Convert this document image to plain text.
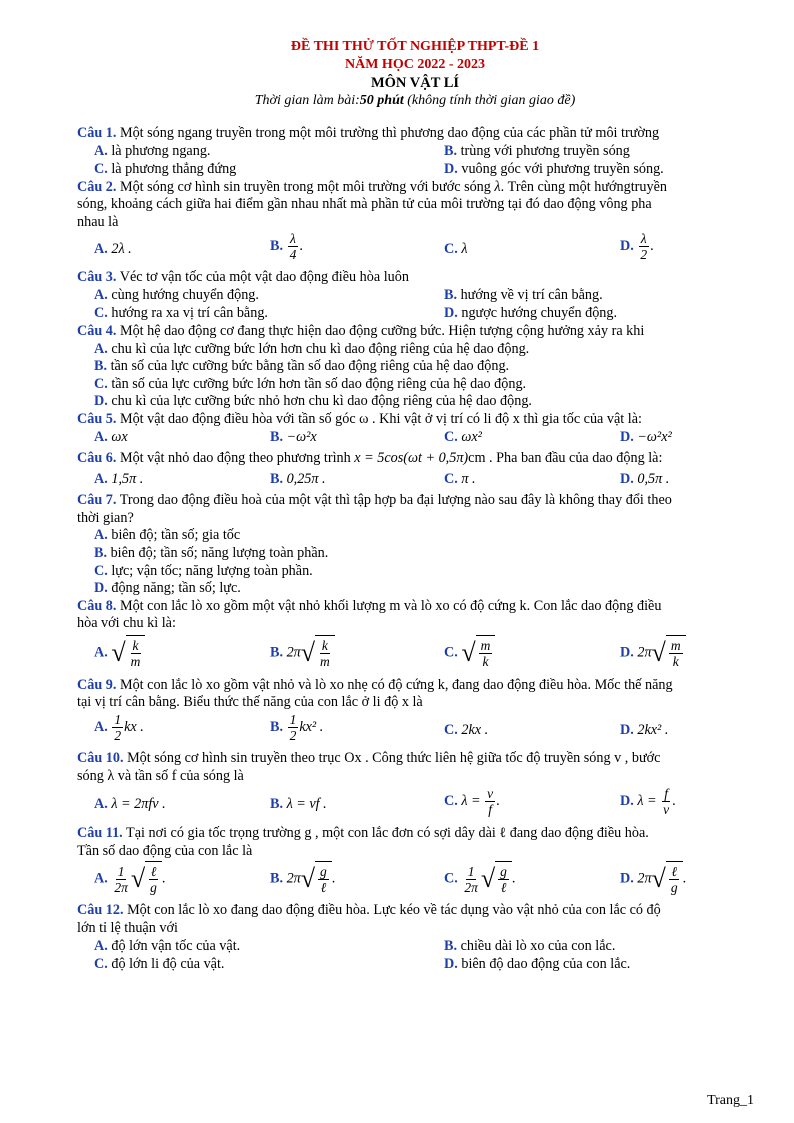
ĐỀ THI THỬ TỐT NGHIỆP THPT-ĐỀ 1
NĂM HỌC 2022 - 2023
MÔN VẬT LÍ
Thời gian làm bài:50 phút (không tính thời gian giao đề)
Câu 1. Một sóng ngang truyền trong một môi trường thì phương dao động của các phần tử môi trường
A. là phương ngang.	B. trùng với phương truyền sóng
C. là phương thẳng đứng	D. vuông góc với phương truyền sóng.
Câu 2. Một sóng cơ hình sin truyền trong một môi trường với bước sóng λ. Trên cùng một hướngtruyền
sóng, khoảng cách giữa hai điểm gần nhau nhất mà phần tử của môi trường tại đó dao động vông pha
nhau là
A. 2λ .	B. $\frac{\lambda}{4}$ .	C. λ	D. $\frac{\lambda}{2}$ .
Câu 3. Véc tơ vận tốc của một vật dao động điều hòa luôn
A. cùng hướng chuyển động.	B. hướng về vị trí cân bằng.
C. hướng ra xa vị trí cân bằng.	D. ngược hướng chuyển động.
Câu 4. Một hệ dao động cơ đang thực hiện dao động cưỡng bức. Hiện tượng cộng hưởng xảy ra khi
A. chu kì của lực cưỡng bức lớn hơn chu kì dao động riêng của hệ dao động.
B. tần số của lực cưỡng bức bằng tần số dao động riêng của hệ dao động.
C. tần số của lực cưỡng bức lớn hơn tần số dao động riêng của hệ dao động.
D. chu kì của lực cưỡng bức nhỏ hơn chu kì dao động riêng của hệ dao động.
Câu 5. Một vật dao động điều hòa với tần số góc ω . Khi vật ở vị trí có li độ x thì gia tốc của vật là:
A. ωx	B. −ω²x	C. ωx²	D. −ω²x²
Câu 6. Một vật nhỏ dao động theo phương trình x = 5cos(ωt + 0,5π)cm . Pha ban đầu của dao động là:
A. 1,5π .	B. 0,25π .	C. π .	D. 0,5π .
Câu 7. Trong dao động điều hoà của một vật thì tập hợp ba đại lượng nào sau đây là không thay đổi theo
thời gian?
A. biên độ; tần số; gia tốc
B. biên độ; tần số; năng lượng toàn phần.
C. lực; vận tốc; năng lượng toàn phần.
D. động năng; tần số; lực.
Câu 8. Một con lắc lò xo gồm một vật nhỏ khối lượng m và lò xo có độ cứng k. Con lắc dao động điều
hòa với chu kì là:
A. √ $\frac{k}{m}$	B. 2π √ $\frac{k}{m}$	C. √ $\frac{m}{k}$	D. 2π √ $\frac{m}{k}$
Câu 9. Một con lắc lò xo gồm vật nhỏ và lò xo nhẹ có độ cứng k, đang dao động điều hòa. Mốc thế năng
tại vị trí cân bằng. Biểu thức thế năng của con lắc ở li độ x là
A. $\frac{1}{2}$ kx .	B. $\frac{1}{2} kx^2$ .	C. 2kx .	D. 2kx² .
Câu 10. Một sóng cơ hình sin truyền theo trục Ox . Công thức liên hệ giữa tốc độ truyền sóng v , bước
sóng λ và tần số f của sóng là
A. λ = 2πfv .	B. λ = vf .	C. $\lambda = \frac{v}{f}$ .	D. $\lambda = \frac{f}{v}$ .
Câu 11. Tại nơi có gia tốc trọng trường g , một con lắc đơn có sợi dây dài ℓ đang dao động điều hòa.
Tần số dao động của con lắc là
A. $\frac{1}{2\pi}$ √ $\frac{\text{ℓ}}{g}$ .	B. 2π √ $\frac{g}{\text{ℓ}}$ .	C. $\frac{1}{2\pi}$ √ $\frac{g}{\text{ℓ}}$ .	D. 2π √ $\frac{\text{ℓ}}{g}$ .
Câu 12. Một con lắc lò xo đang dao động điều hòa. Lực kéo về tác dụng vào vật nhỏ của con lắc có độ
lớn tỉ lệ thuận với
A. độ lớn vận tốc của vật.	B. chiều dài lò xo của con lắc.
C. độ lớn li độ của vật.	D. biên độ dao động của con lắc.
Trang_1
